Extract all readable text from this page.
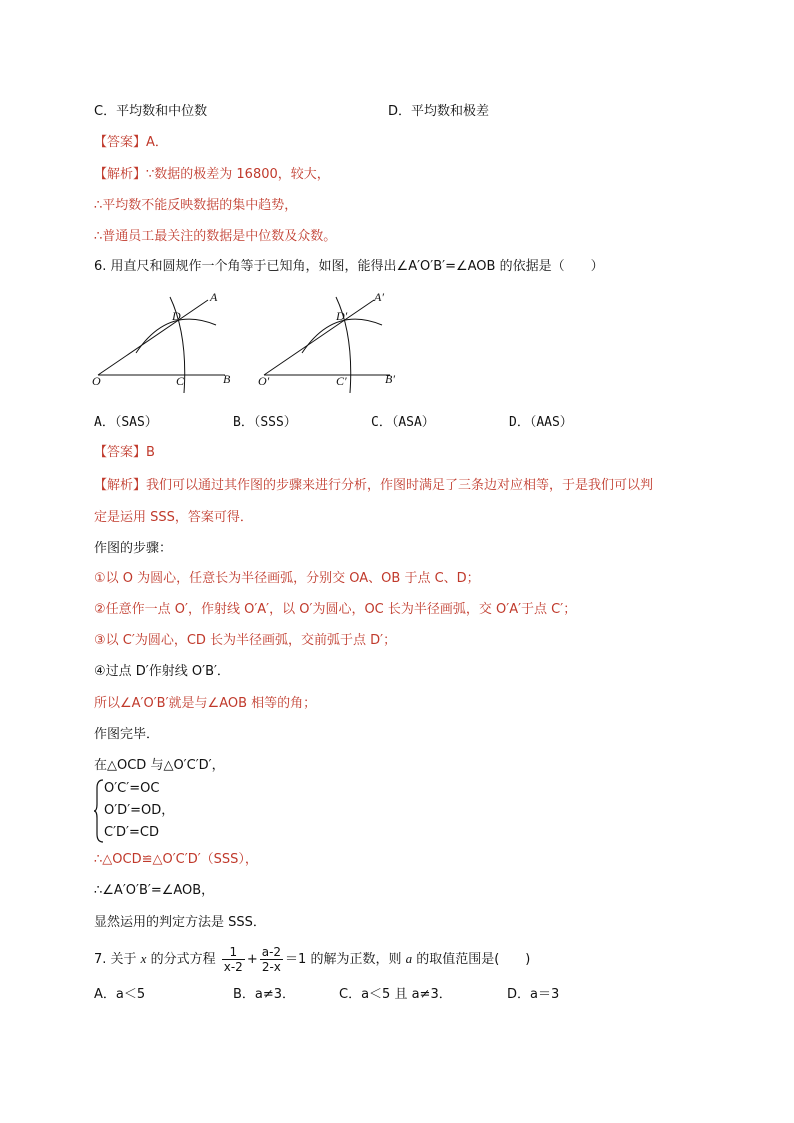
C．平均数和中位数	D．平均数和极差
【答案】A．
【解析】∵数据的极差为 16800，较大，
∴平均数不能反映数据的集中趋势，
∴普通员工最关注的数据是中位数及众数。
6. 用直尺和圆规作一个角等于已知角，如图，能得出∠A′O′B′=∠AOB 的依据是（　　）
A
D
O	C	B
A′
D′
O′	C′	B′
A．（SAS）	B．（SSS）	C．（ASA）	D．（AAS）
【答案】B
【解析】我们可以通过其作图的步骤来进行分析，作图时满足了三条边对应相等，于是我们可以判
定是运用 SSS，答案可得．
作图的步骤：
①以 O 为圆心，任意长为半径画弧，分别交 OA、OB 于点 C、D；
②任意作一点 O′，作射线 O′A′，以 O′为圆心，OC 长为半径画弧，交 O′A′于点 C′；
③以 C′为圆心，CD 长为半径画弧，交前弧于点 D′；
④过点 D′作射线 O′B′．
所以∠A′O′B′就是与∠AOB 相等的角；
作图完毕．
在△OCD 与△O′C′D′，
O′C′=OC
O′D′=OD，
C′D′=CD
∴△OCD≌△O′C′D′（SSS），
∴∠A′O′B′=∠AOB，
显然运用的判定方法是 SSS．
7. 关于 x 的分式方程 $\frac{1}{x-2} + \frac{a-2}{2-x} =1$ 的解为正数，则 a 的取值范围是(　　)
A．a＜5	B．a≠3．	C．a＜5 且 a≠3．	D．a＝3
